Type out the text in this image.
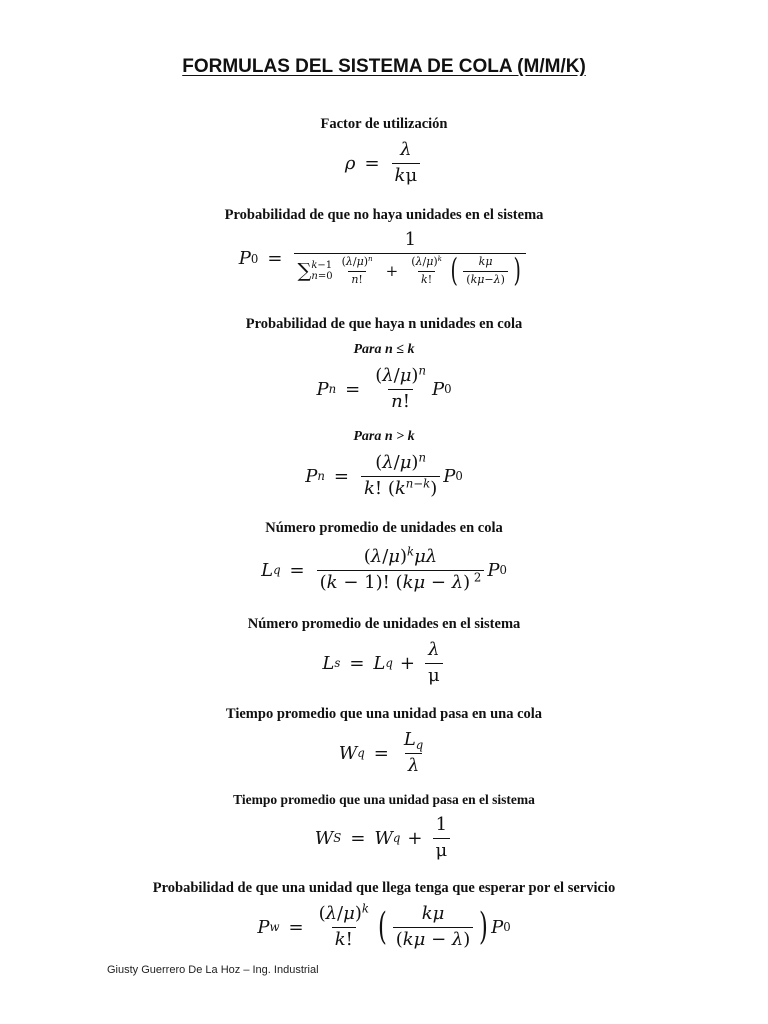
FORMULAS DEL SISTEMA DE COLA (M/M/K)
Factor de utilización
$\rho = \frac{\lambda}{k\mu}$
Probabilidad de que no haya unidades en el sistema
P 0 =
1
∑ k−1
$n=0 \frac{(\lambda/\mu)^n}{n!} + \frac{(\lambda/\mu)^k}{k!}$ ( $\frac{k\mu}{(k\mu-\lambda)}$ )
Probabilidad de que haya n unidades en cola
Para n ≤ k
P $n = \frac{(\lambda/\mu)^n}{n!}$ P 0
Para n > k
P $n = \frac{(\lambda/\mu)^n}{k! (k^{n-k})}$ P 0
Número promedio de unidades en cola
L $q = \frac{(\lambda/\mu)^k\mu\lambda}{(k - 1)! (k\mu - \lambda) ^2}$ P 0
Número promedio de unidades en el sistema
L s = L $q + \frac{\lambda}{\mu}$
Tiempo promedio que una unidad pasa en una cola
W $q = \frac{L_q}{\lambda}$
Tiempo promedio que una unidad pasa en el sistema
W S = W $q + \frac{1}{\mu}$
Probabilidad de que una unidad que llega tenga que esperar por el servicio
P $w = \frac{(\lambda/\mu)^k}{k!}$ ( $\frac{k\mu}{(k\mu - \lambda)}$ ) P 0
Giusty Guerrero De La Hoz – Ing. Industrial
